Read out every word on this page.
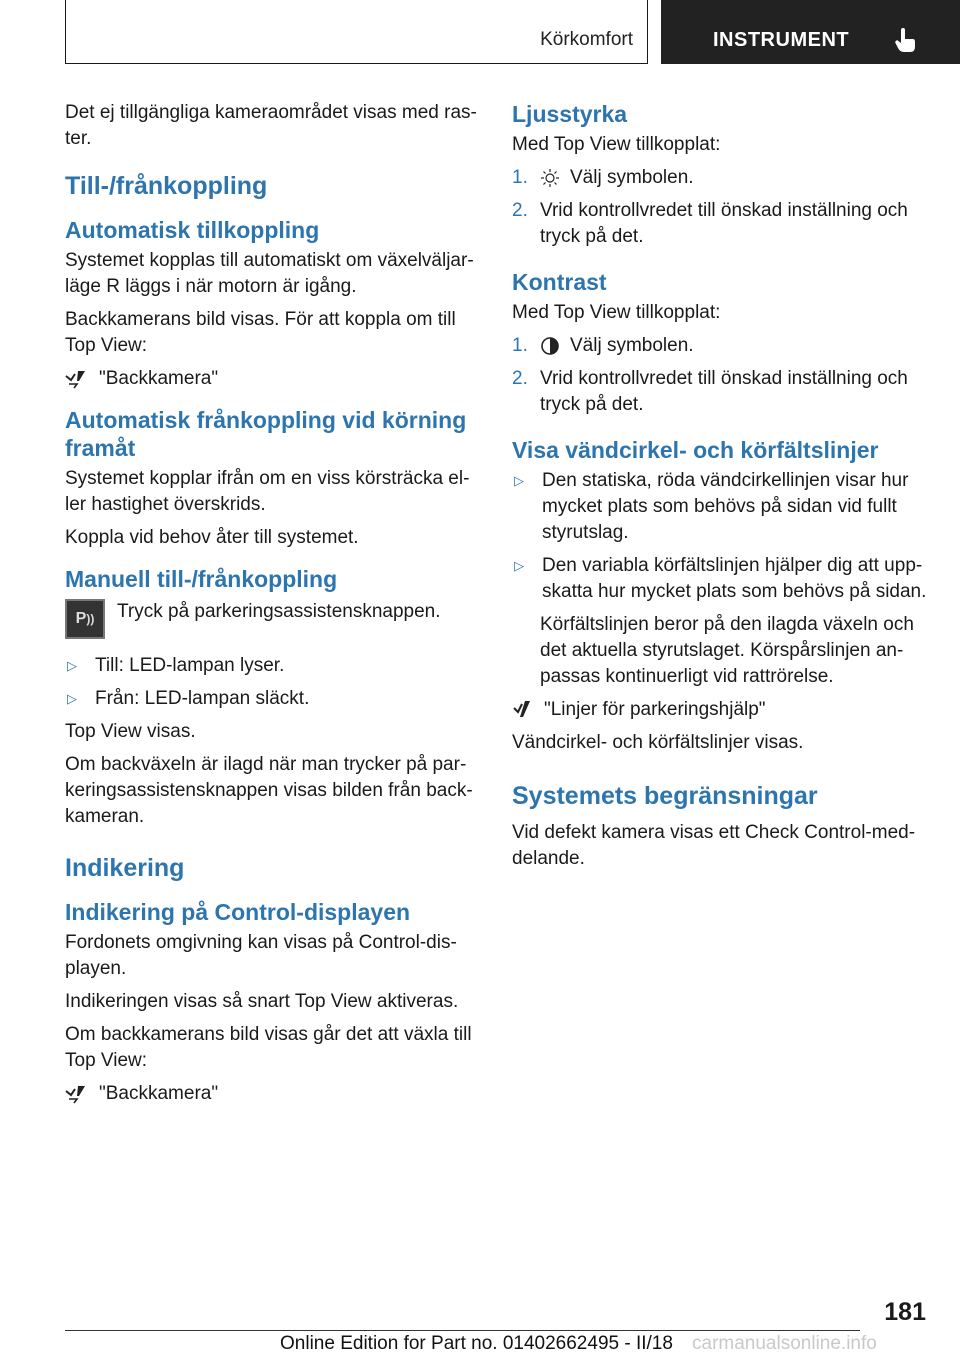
Körkomfort	INSTRUMENT

Det ej tillgängliga kameraområdet visas med ras-ter.

Till-/frånkoppling
Automatisk tillkoppling

Systemet kopplas till automatiskt om växelväljar-läge R läggs i när motorn är igång.

Backkamerans bild visas. För att koppla om till Top View:

"Backkamera"
Automatisk frånkoppling vid körning framåt

Systemet kopplar ifrån om en viss körsträcka el-ler hastighet överskrids.

Koppla vid behov åter till systemet.

Manuell till-/frånkoppling
P )) Tryck på parkeringsassistensknappen.
▷ Till: LED-lampan lyser.
▷ Från: LED-lampan släckt.

Top View visas.

Om backväxeln är ilagd när man trycker på par-keringsassistensknappen visas bilden från back-kameran.

Indikering
Indikering på Control-displayen

Fordonets omgivning kan visas på Control-dis-playen.

Indikeringen visas så snart Top View aktiveras.

Om backkamerans bild visas går det att växla till Top View:

"Backkamera"
Ljusstyrka

Med Top View tillkopplat:

1.	Välj symbolen.
2. Vrid kontrollvredet till önskad inställning och tryck på det.
Kontrast

Med Top View tillkopplat:

1.	Välj symbolen.
2. Vrid kontrollvredet till önskad inställning och tryck på det.
Visa vändcirkel- och körfältslinjer
▷ Den statiska, röda vändcirkellinjen visar hur mycket plats som behövs på sidan vid fullt styrutslag.
▷ Den variabla körfältslinjen hjälper dig att upp-skatta hur mycket plats som behövs på sidan.

Körfältslinjen beror på den ilagda växeln och det aktuella styrutslaget. Körspårslinjen an-passas kontinuerligt vid rattrörelse.

"Linjer för parkeringshjälp"

Vändcirkel- och körfältslinjer visas.

Systemets begränsningar

Vid defekt kamera visas ett Check Control-med-delande.

181
Online Edition for Part no. 01402662495 - II/18 carmanualsonline.info
